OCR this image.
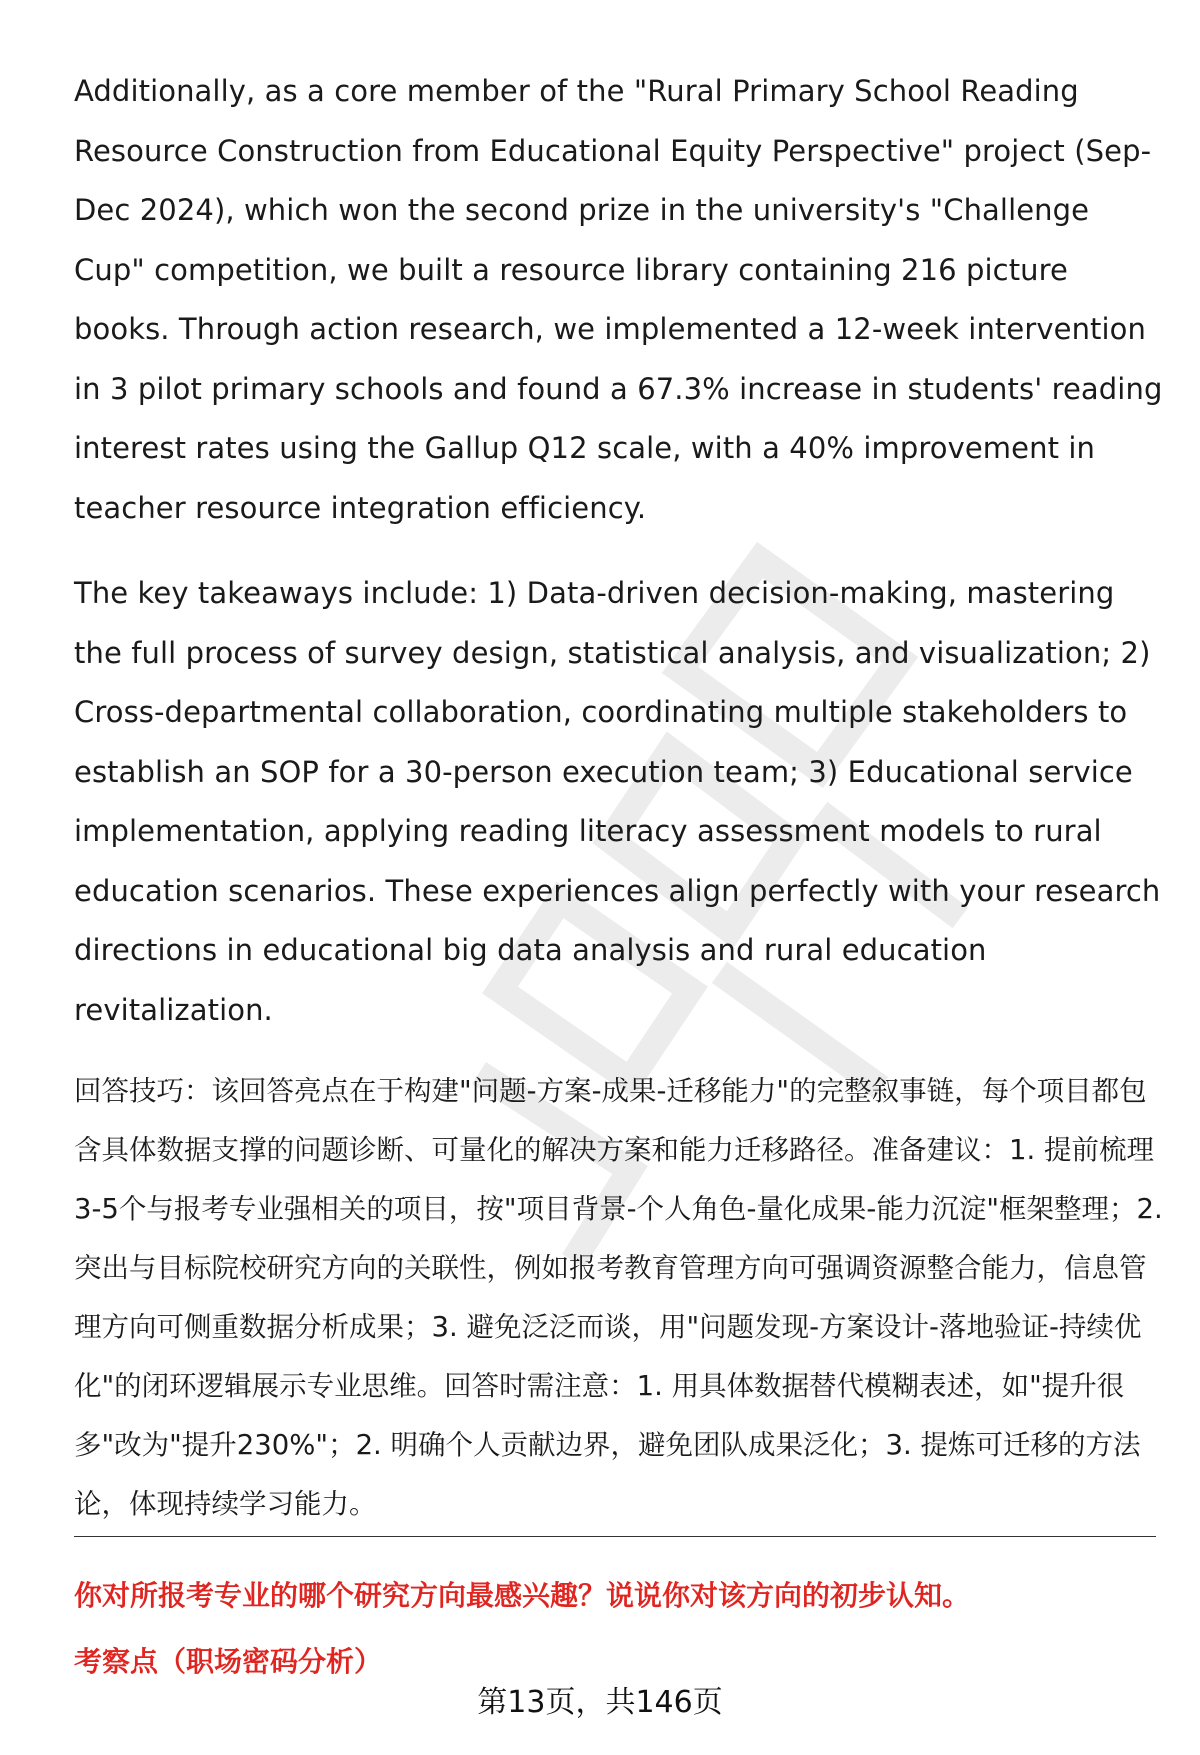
Additionally, as a core member of the "Rural Primary School Reading Resource Construction from Educational Equity Perspective" project (Sep-Dec 2024), which won the second prize in the university's "Challenge Cup" competition, we built a resource library containing 216 picture books. Through action research, we implemented a 12-week intervention in 3 pilot primary schools and found a 67.3% increase in students' reading interest rates using the Gallup Q12 scale, with a 40% improvement in teacher resource integration efficiency.

The key takeaways include: 1) Data-driven decision-making, mastering the full process of survey design, statistical analysis, and visualization; 2) Cross-departmental collaboration, coordinating multiple stakeholders to establish an SOP for a 30-person execution team; 3) Educational service implementation, applying reading literacy assessment models to rural education scenarios. These experiences align perfectly with your research directions in educational big data analysis and rural education revitalization.

回答技巧：该回答亮点在于构建"问题-方案-成果-迁移能力"的完整叙事链，每个项目都包含具体数据支撑的问题诊断、可量化的解决方案和能力迁移路径。准备建议：1. 提前梳理3-5个与报考专业强相关的项目，按"项目背景-个人角色-量化成果-能力沉淀"框架整理；2. 突出与目标院校研究方向的关联性，例如报考教育管理方向可强调资源整合能力，信息管理方向可侧重数据分析成果；3. 避免泛泛而谈，用"问题发现-方案设计-落地验证-持续优化"的闭环逻辑展示专业思维。回答时需注意：1. 用具体数据替代模糊表述，如"提升很多"改为"提升230%"；2. 明确个人贡献边界，避免团队成果泛化；3. 提炼可迁移的方法论，体现持续学习能力。

你对所报考专业的哪个研究方向最感兴趣？说说你对该方向的初步认知。

考察点（职场密码分析）

第13页，共146页
